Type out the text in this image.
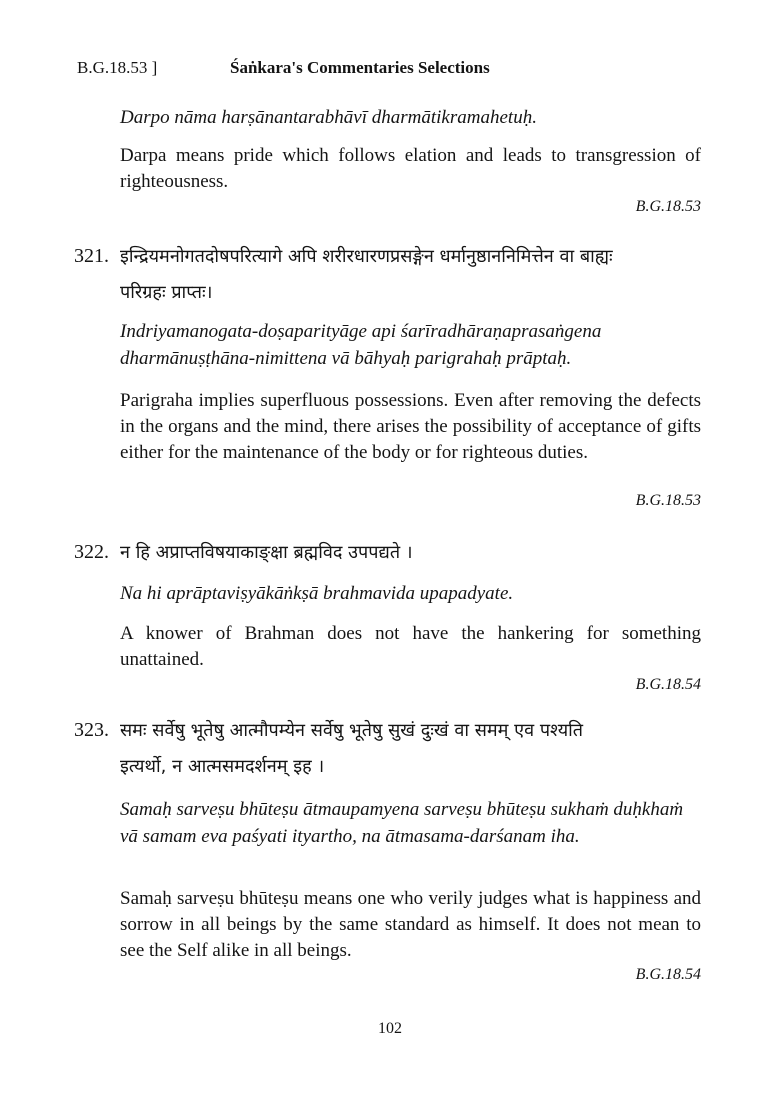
B.G.18.53 ]	Śaṅkara's Commentaries Selections
Darpo nāma harṣānantarabhāvī dharmātikramahetuḥ.
Darpa means pride which follows elation and leads to transgression of righteousness.
B.G.18.53
321. इन्द्रियमनोगतदोषपरित्यागे अपि शरीरधारणप्रसङ्गेन धर्मानुष्ठाननिमित्तेन वा बाह्यः
परिग्रहः प्राप्तः।
Indriyamanogata-doṣaparityāge api śarīradhāraṇaprasaṅgena dharmānuṣṭhāna-nimittena vā bāhyaḥ parigrahaḥ prāptaḥ.
Parigraha implies superfluous possessions. Even after removing the defects in the organs and the mind, there arises the possibility of acceptance of gifts either for the maintenance of the body or for righteous duties.
B.G.18.53
322. न हि अप्राप्तविषयाकाङ्क्षा ब्रह्मविद उपपद्यते ।
Na hi aprāptaviṣyākāṅkṣā brahmavida upapadyate.
A knower of Brahman does not have the hankering for something unattained.
B.G.18.54
323. समः सर्वेषु भूतेषु आत्मौपम्येन सर्वेषु भूतेषु सुखं दुःखं वा समम् एव पश्यति
इत्यर्थो, न आत्मसमदर्शनम् इह ।
Samaḥ sarveṣu bhūteṣu ātmaupamyena sarveṣu bhūteṣu sukhaṁ duḥkhaṁ vā samam eva paśyati ityartho, na ātmasama-darśanam iha.
Samaḥ sarveṣu bhūteṣu means one who verily judges what is happiness and sorrow in all beings by the same standard as himself. It does not mean to see the Self alike in all beings.
B.G.18.54
102
